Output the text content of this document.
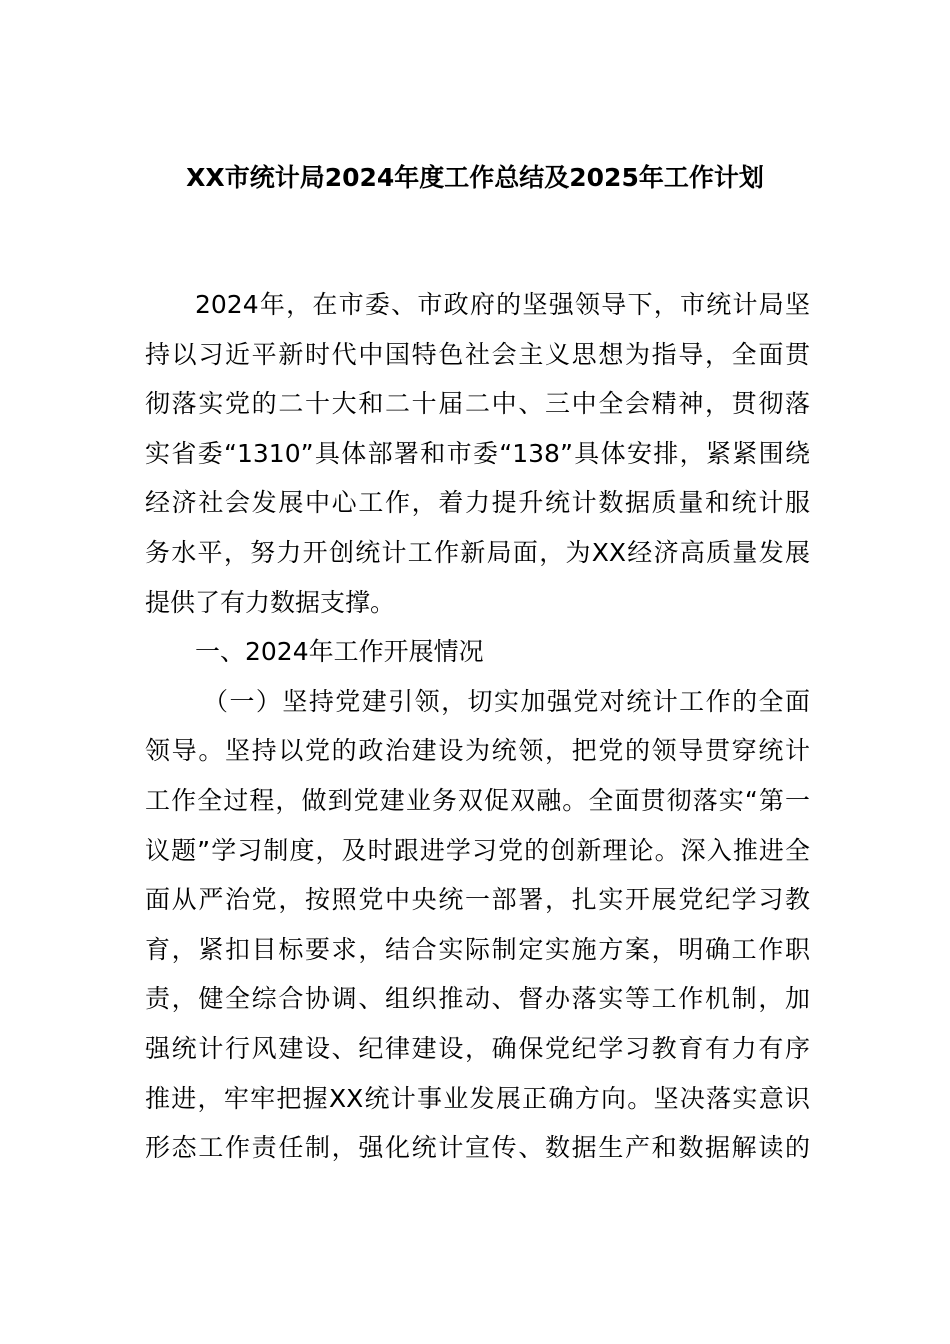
XX市统计局2024年度工作总结及2025年工作计划
2024年，在市委、市政府的坚强领导下，市统计局坚
持以习近平新时代中国特色社会主义思想为指导，全面贯
彻落实党的二十大和二十届二中、三中全会精神，贯彻落
实省委“1310”具体部署和市委“138”具体安排，紧紧围绕
经济社会发展中心工作，着力提升统计数据质量和统计服
务水平，努力开创统计工作新局面，为XX经济高质量发展
提供了有力数据支撑。
一、2024年工作开展情况
（一）坚持党建引领，切实加强党对统计工作的全面
领导。坚持以党的政治建设为统领，把党的领导贯穿统计
工作全过程，做到党建业务双促双融。全面贯彻落实“第一
议题”学习制度，及时跟进学习党的创新理论。深入推进全
面从严治党，按照党中央统一部署，扎实开展党纪学习教
育，紧扣目标要求，结合实际制定实施方案，明确工作职
责，健全综合协调、组织推动、督办落实等工作机制，加
强统计行风建设、纪律建设，确保党纪学习教育有力有序
推进，牢牢把握XX统计事业发展正确方向。坚决落实意识
形态工作责任制，强化统计宣传、数据生产和数据解读的
